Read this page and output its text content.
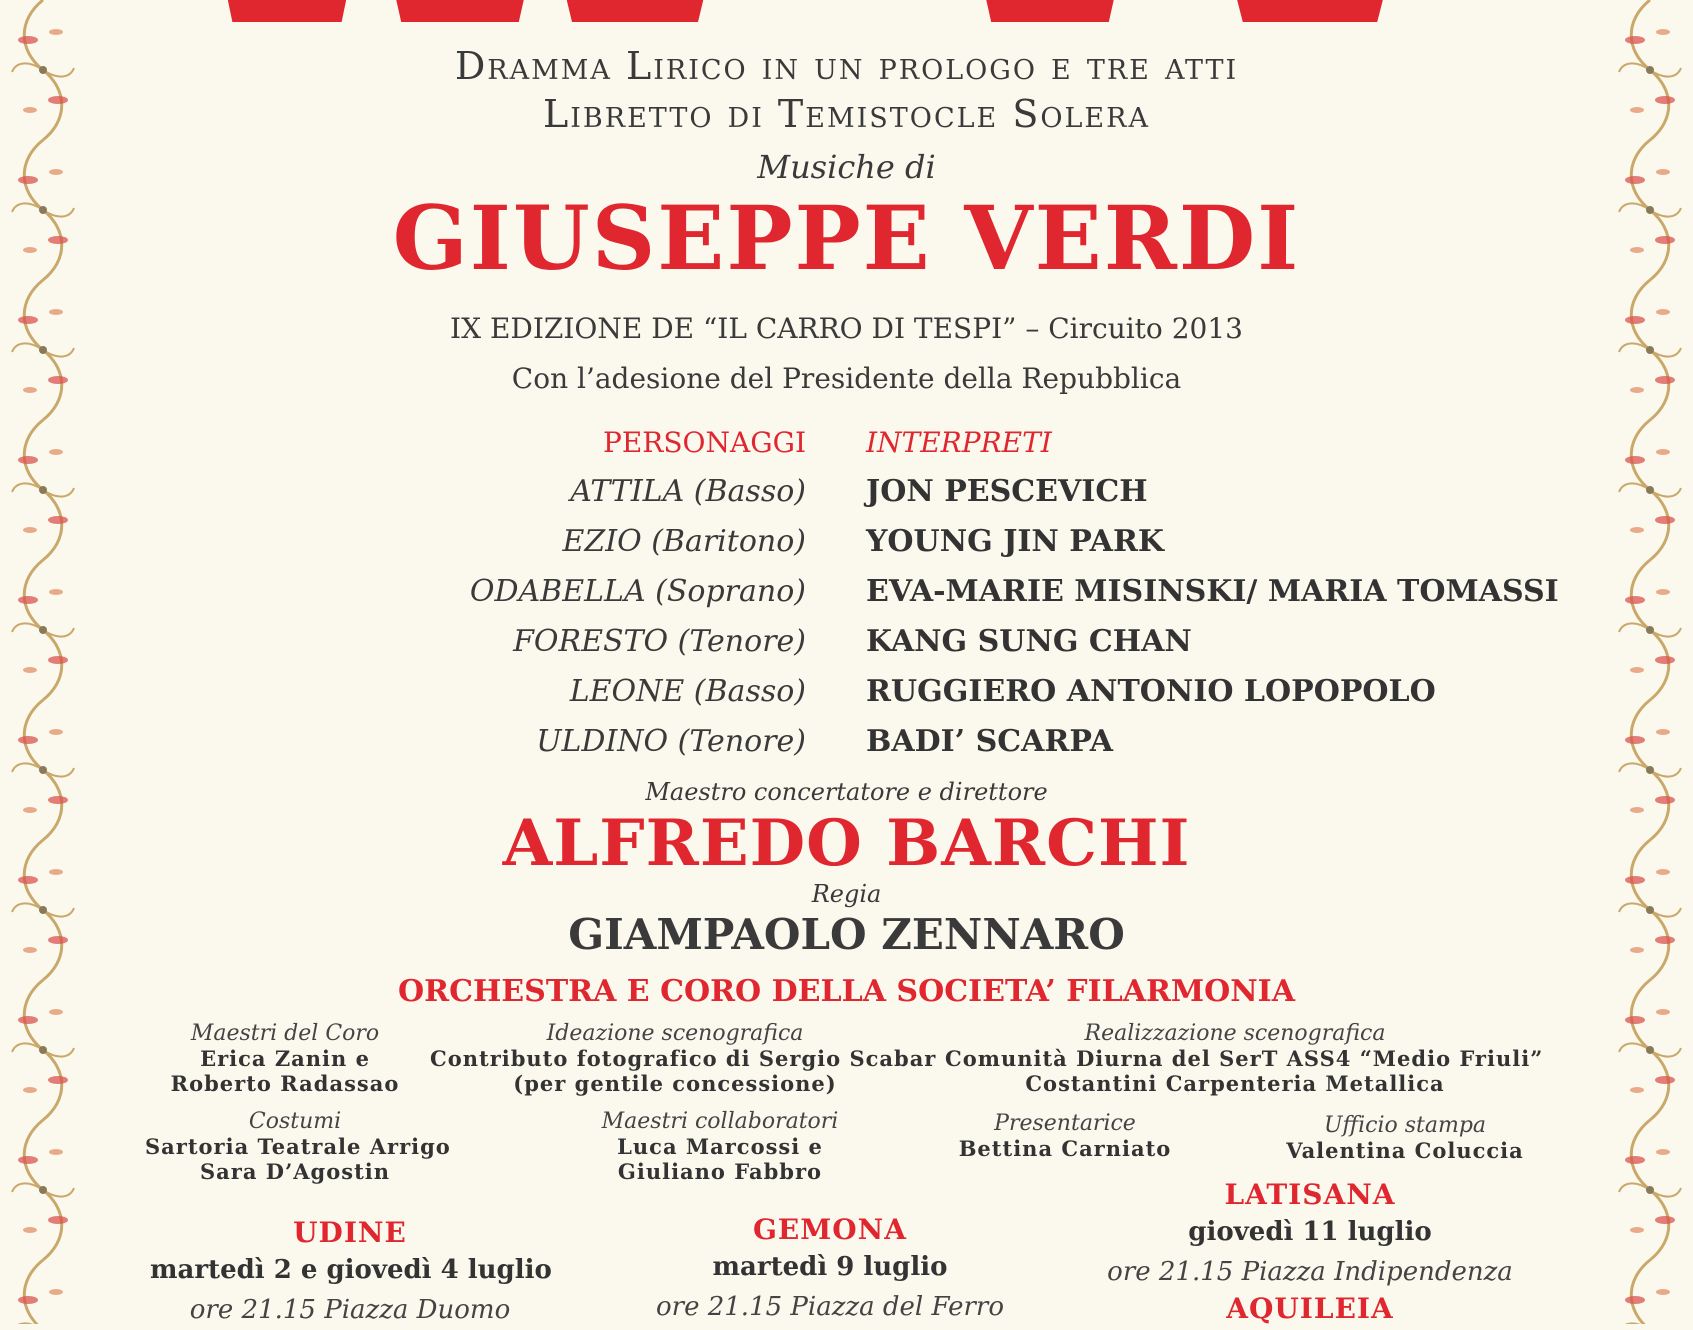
Dramma Lirico in un prologo e tre atti
Libretto di Temistocle Solera
Musiche di
GIUSEPPE VERDI
IX EDIZIONE DE “IL CARRO DI TESPI” – Circuito 2013
Con l’adesione del Presidente della Repubblica
PERSONAGGI INTERPRETI
ATTILA (Basso) JON PESCEVICH
EZIO (Baritono) YOUNG JIN PARK
ODABELLA (Soprano) EVA-MARIE MISINSKI/ MARIA TOMASSI
FORESTO (Tenore) KANG SUNG CHAN
LEONE (Basso) RUGGIERO ANTONIO LOPOPOLO
ULDINO (Tenore) BADI’ SCARPA
Maestro concertatore e direttore
ALFREDO BARCHI
Regia
GIAMPAOLO ZENNARO
ORCHESTRA E CORO DELLA SOCIETA’ FILARMONIA
Maestri del Coro
Erica Zanin e
Roberto Radassao
Ideazione scenografica
Contributo fotografico di Sergio Scabar
(per gentile concessione)
Realizzazione scenografica
Comunità Diurna del SerT ASS4 “Medio Friuli”
Costantini Carpenteria Metallica
Costumi
Sartoria Teatrale Arrigo
Sara D’Agostin
Maestri collaboratori
Luca Marcossi e
Giuliano Fabbro
Presentarice
Bettina Carniato
Ufficio stampa
Valentina Coluccia
UDINE
martedì 2 e giovedì 4 luglio
ore 21.15 Piazza Duomo
GEMONA
martedì 9 luglio
ore 21.15 Piazza del Ferro
LATISANA
giovedì 11 luglio
ore 21.15 Piazza Indipendenza
AQUILEIA
